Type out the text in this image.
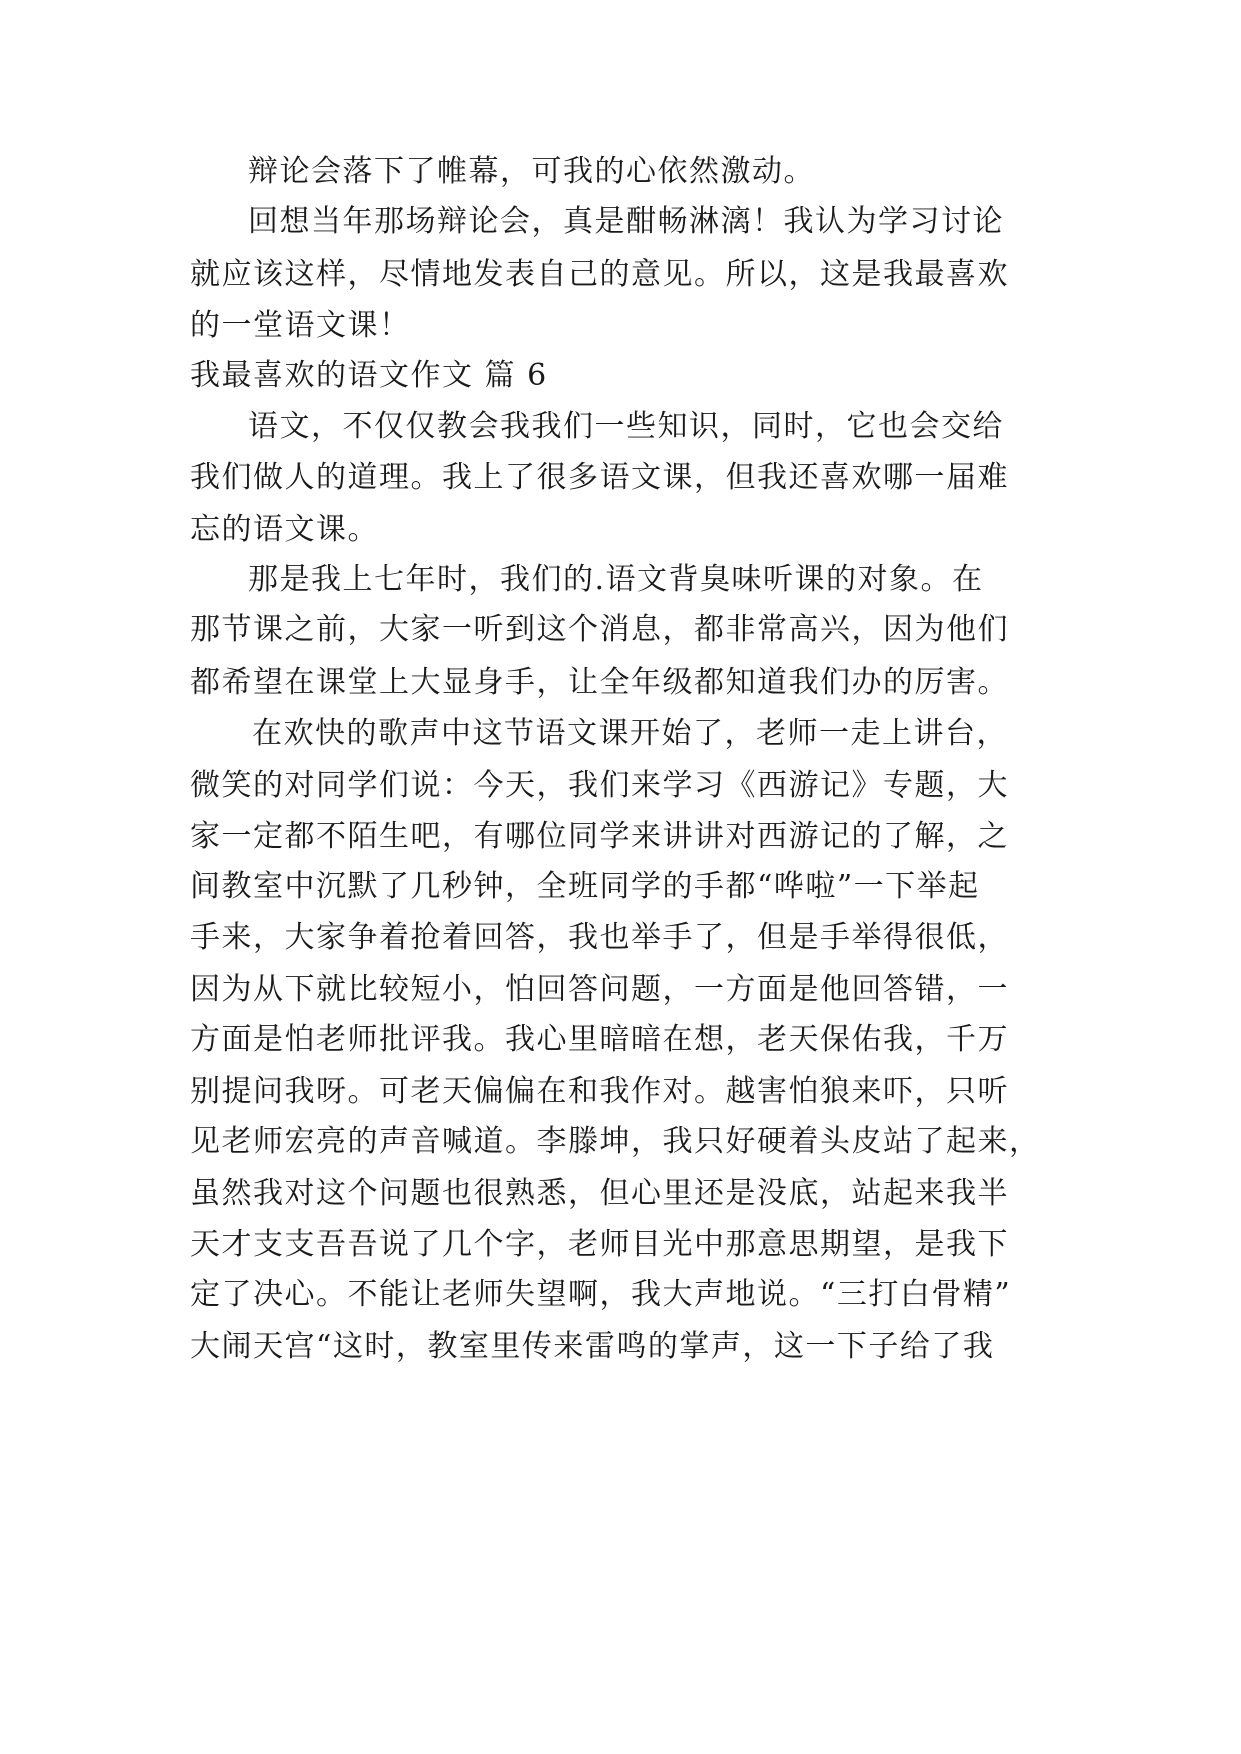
辩论会落下了帷幕，可我的心依然激动。
回想当年那场辩论会，真是酣畅淋漓！我认为学习讨论
就应该这样，尽情地发表自己的意见。所以，这是我最喜欢
的一堂语文课！
我最喜欢的语文作文 篇 6
语文，不仅仅教会我我们一些知识，同时，它也会交给
我们做人的道理。我上了很多语文课，但我还喜欢哪一届难
忘的语文课。
那是我上七年时，我们的.语文背臭味听课的对象。在
那节课之前，大家一听到这个消息，都非常高兴，因为他们
都希望在课堂上大显身手，让全年级都知道我们办的厉害。
在欢快的歌声中这节语文课开始了，老师一走上讲台，
微笑的对同学们说：今天，我们来学习《西游记》专题，大
家一定都不陌生吧，有哪位同学来讲讲对西游记的了解，之
间教室中沉默了几秒钟，全班同学的手都“哗啦”一下举起
手来，大家争着抢着回答，我也举手了，但是手举得很低，
因为从下就比较短小，怕回答问题，一方面是他回答错，一
方面是怕老师批评我。我心里暗暗在想，老天保佑我，千万
别提问我呀。可老天偏偏在和我作对。越害怕狼来吓，只听
见老师宏亮的声音喊道。李滕坤，我只好硬着头皮站了起来，
虽然我对这个问题也很熟悉，但心里还是没底，站起来我半
天才支支吾吾说了几个字，老师目光中那意思期望，是我下
定了决心。不能让老师失望啊，我大声地说。“三打白骨精”
大闹天宫“这时，教室里传来雷鸣的掌声，这一下子给了我
